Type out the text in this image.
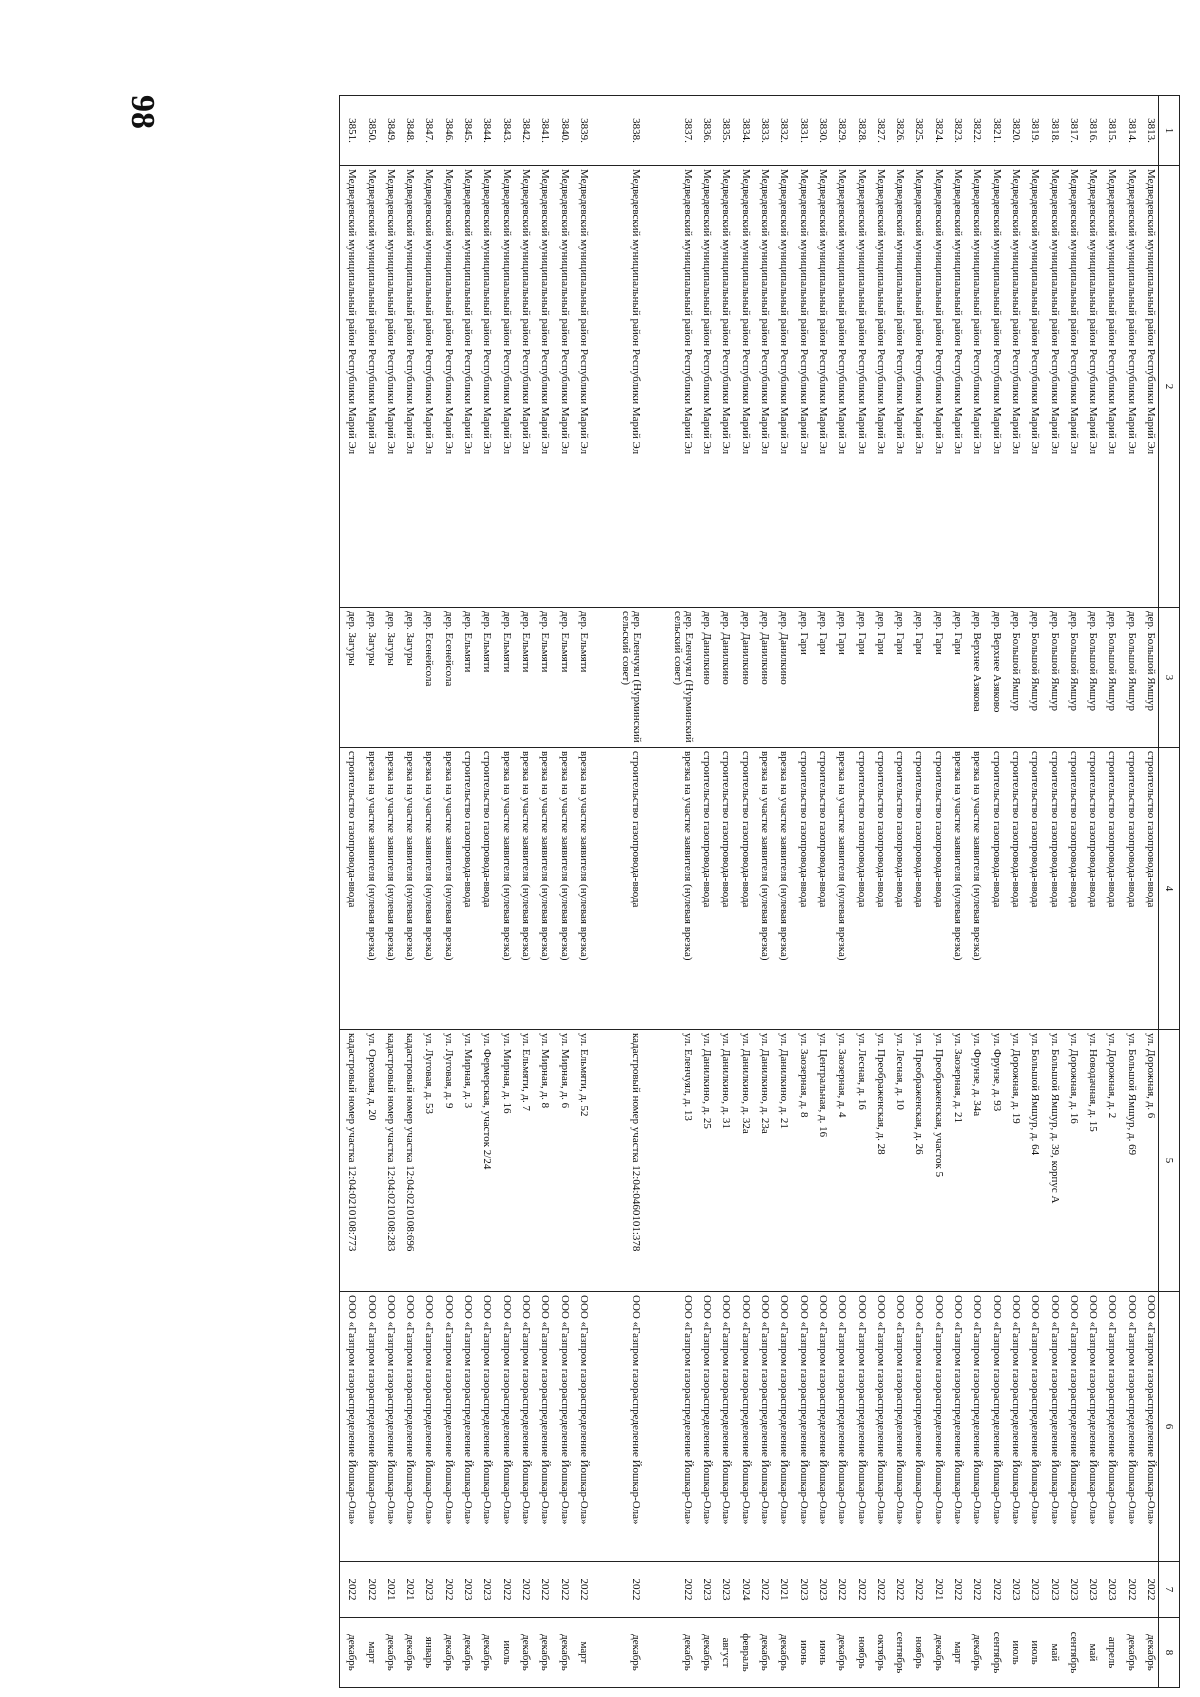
98
1	2	3	4	5	6	7	8
3813.	Медведевский муниципальный район Республики Марий Эл	дер. Большой Ямшур	строительство газопровода-ввода	ул. Дорожная, д. 6	ООО «Газпром газораспределение Йошкар-Ола»	2022	декабрь
3814.	Медведевский муниципальный район Республики Марий Эл	дер. Большой Ямшур	строительство газопровода-ввода	ул. Большой Ямшур, д. 69	ООО «Газпром газораспределение Йошкар-Ола»	2022	декабрь
3815.	Медведевский муниципальный район Республики Марий Эл	дер. Большой Ямшур	строительство газопровода-ввода	ул. Дорожная, д. 2	ООО «Газпром газораспределение Йошкар-Ола»	2023	апрель
3816.	Медведевский муниципальный район Республики Марий Эл	дер. Большой Ямшур	строительство газопровода-ввода	ул. Новодачная, д. 15	ООО «Газпром газораспределение Йошкар-Ола»	2023	май
3817.	Медведевский муниципальный район Республики Марий Эл	дер. Большой Ямшур	строительство газопровода-ввода	ул. Дорожная, д. 16	ООО «Газпром газораспределение Йошкар-Ола»	2023	сентябрь
3818.	Медведевский муниципальный район Республики Марий Эл	дер. Большой Ямшур	строительство газопровода-ввода	ул. Большой Ямшур, д. 39, корпус А	ООО «Газпром газораспределение Йошкар-Ола»	2023	май
3819.	Медведевский муниципальный район Республики Марий Эл	дер. Большой Ямшур	строительство газопровода-ввода	ул. Большой Ямшур, д. 64	ООО «Газпром газораспределение Йошкар-Ола»	2023	июль
3820.	Медведевский муниципальный район Республики Марий Эл	дер. Большой Ямшур	строительство газопровода-ввода	ул. Дорожная, д. 19	ООО «Газпром газораспределение Йошкар-Ола»	2023	июль
3821.	Медведевский муниципальный район Республики Марий Эл	дер. Верхнее Азяково	строительство газопровода-ввода	ул. Фрунзе, д. 93	ООО «Газпром газораспределение Йошкар-Ола»	2022	сентябрь
3822.	Медведевский муниципальный район Республики Марий Эл	дер. Верхнее Азякова	врезка на участке заявителя (нулевая врезка)	ул. Фрунзе, д. 34а	ООО «Газпром газораспределение Йошкар-Ола»	2022	декабрь
3823.	Медведевский муниципальный район Республики Марий Эл	дер. Гари	врезка на участке заявителя (нулевая врезка)	ул. Заозерная, д. 21	ООО «Газпром газораспределение Йошкар-Ола»	2022	март
3824.	Медведевский муниципальный район Республики Марий Эл	дер. Гари	строительство газопровода-ввода	ул. Преображенская, участок 5	ООО «Газпром газораспределение Йошкар-Ола»	2021	декабрь
3825.	Медведевский муниципальный район Республики Марий Эл	дер. Гари	строительство газопровода-ввода	ул. Преображенская, д. 26	ООО «Газпром газораспределение Йошкар-Ола»	2022	ноябрь
3826.	Медведевский муниципальный район Республики Марий Эл	дер. Гари	строительство газопровода-ввода	ул. Лесная, д. 10	ООО «Газпром газораспределение Йошкар-Ола»	2022	сентябрь
3827.	Медведевский муниципальный район Республики Марий Эл	дер. Гари	строительство газопровода-ввода	ул. Преображенская, д. 28	ООО «Газпром газораспределение Йошкар-Ола»	2022	октябрь
3828.	Медведевский муниципальный район Республики Марий Эл	дер. Гари	строительство газопровода-ввода	ул. Лесная, д. 16	ООО «Газпром газораспределение Йошкар-Ола»	2022	ноябрь
3829.	Медведевский муниципальный район Республики Марий Эл	дер. Гари	врезка на участке заявителя (нулевая врезка)	ул. Заозерная, д. 4	ООО «Газпром газораспределение Йошкар-Ола»	2022	декабрь
3830.	Медведевский муниципальный район Республики Марий Эл	дер. Гари	строительство газопровода-ввода	ул. Центральная, д. 16	ООО «Газпром газораспределение Йошкар-Ола»	2023	июнь
3831.	Медведевский муниципальный район Республики Марий Эл	дер. Гари	строительство газопровода-ввода	ул. Заозерная, д. 8	ООО «Газпром газораспределение Йошкар-Ола»	2023	июнь
3832.	Медведевский муниципальный район Республики Марий Эл	дер. Данилкино	врезка на участке заявителя (нулевая врезка)	ул. Данилкино, д. 21	ООО «Газпром газораспределение Йошкар-Ола»	2021	декабрь
3833.	Медведевский муниципальный район Республики Марий Эл	дер. Данилкино	врезка на участке заявителя (нулевая врезка)	ул. Данилкино, д. 23а	ООО «Газпром газораспределение Йошкар-Ола»	2022	декабрь
3834.	Медведевский муниципальный район Республики Марий Эл	дер. Данилкино	строительство газопровода-ввода	ул. Данилкино, д. 32а	ООО «Газпром газораспределение Йошкар-Ола»	2024	февраль
3835.	Медведевский муниципальный район Республики Марий Эл	дер. Данилкино	строительство газопровода-ввода	ул. Данилкино, д. 31	ООО «Газпром газораспределение Йошкар-Ола»	2023	август
3836.	Медведевский муниципальный район Республики Марий Эл	дер. Данилкино	строительство газопровода-ввода	ул. Данилкино, д. 25	ООО «Газпром газораспределение Йошкар-Ола»	2023	декабрь
3837.	Медведевский муниципальный район Республики Марий Эл	дер. Еленчуял (Нурминский сельский совет)	врезка на участке заявителя (нулевая врезка)	ул. Еленчуял, д. 13	ООО «Газпром газораспределение Йошкар-Ола»	2022	декабрь
3838.	Медведевский муниципальный район Республики Марий Эл	дер. Еленчуял (Нурминский сельский совет)	строительство газопровода-ввода	кадастровый номер участка 12:04:0460101:378	ООО «Газпром газораспределение Йошкар-Ола»	2022	декабрь
3839.	Медведевский муниципальный район Республики Марий Эл	дер. Ельмяти	врезка на участке заявителя (нулевая врезка)	ул. Ельмяти, д. 52	ООО «Газпром газораспределение Йошкар-Ола»	2022	март
3840.	Медведевский муниципальный район Республики Марий Эл	дер. Ельмяти	врезка на участке заявителя (нулевая врезка)	ул. Мирная, д. 6	ООО «Газпром газораспределение Йошкар-Ола»	2022	декабрь
3841.	Медведевский муниципальный район Республики Марий Эл	дер. Ельмяти	врезка на участке заявителя (нулевая врезка)	ул. Мирная, д. 8	ООО «Газпром газораспределение Йошкар-Ола»	2022	декабрь
3842.	Медведевский муниципальный район Республики Марий Эл	дер. Ельмяти	врезка на участке заявителя (нулевая врезка)	ул. Ельмяти, д. 7	ООО «Газпром газораспределение Йошкар-Ола»	2022	декабрь
3843.	Медведевский муниципальный район Республики Марий Эл	дер. Ельмяти	врезка на участке заявителя (нулевая врезка)	ул. Мирная, д. 16	ООО «Газпром газораспределение Йошкар-Ола»	2022	июль
3844.	Медведевский муниципальный район Республики Марий Эл	дер. Ельмяти	строительство газопровода-ввода	ул. Фермерская, участок 2/24	ООО «Газпром газораспределение Йошкар-Ола»	2023	декабрь
3845.	Медведевский муниципальный район Республики Марий Эл	дер. Ельмяти	строительство газопровода-ввода	ул. Мирная, д. 3	ООО «Газпром газораспределение Йошкар-Ола»	2023	декабрь
3846.	Медведевский муниципальный район Республики Марий Эл	дер. Есенейсола	врезка на участке заявителя (нулевая врезка)	ул. Луговая, д. 9	ООО «Газпром газораспределение Йошкар-Ола»	2022	декабрь
3847.	Медведевский муниципальный район Республики Марий Эл	дер. Есенейсола	врезка на участке заявителя (нулевая врезка)	ул. Луговая, д. 53	ООО «Газпром газораспределение Йошкар-Ола»	2023	январь
3848.	Медведевский муниципальный район Республики Марий Эл	дер. Загуры	врезка на участке заявителя (нулевая врезка)	кадастровый номер участка 12:04:0210108:696	ООО «Газпром газораспределение Йошкар-Ола»	2021	декабрь
3849.	Медведевский муниципальный район Республики Марий Эл	дер. Загуры	врезка на участке заявителя (нулевая врезка)	кадастровый номер участка 12:04:0210108:283	ООО «Газпром газораспределение Йошкар-Ола»	2021	декабрь
3850.	Медведевский муниципальный район Республики Марий Эл	дер. Загуры	врезка на участке заявителя (нулевая врезка)	ул. Ореховая, д. 20	ООО «Газпром газораспределение Йошкар-Ола»	2022	март
3851.	Медведевский муниципальный район Республики Марий Эл	дер. Загуры	строительство газопровода-ввода	кадастровый номер участка 12:04:0210108:773	ООО «Газпром газораспределение Йошкар-Ола»	2022	декабрь
